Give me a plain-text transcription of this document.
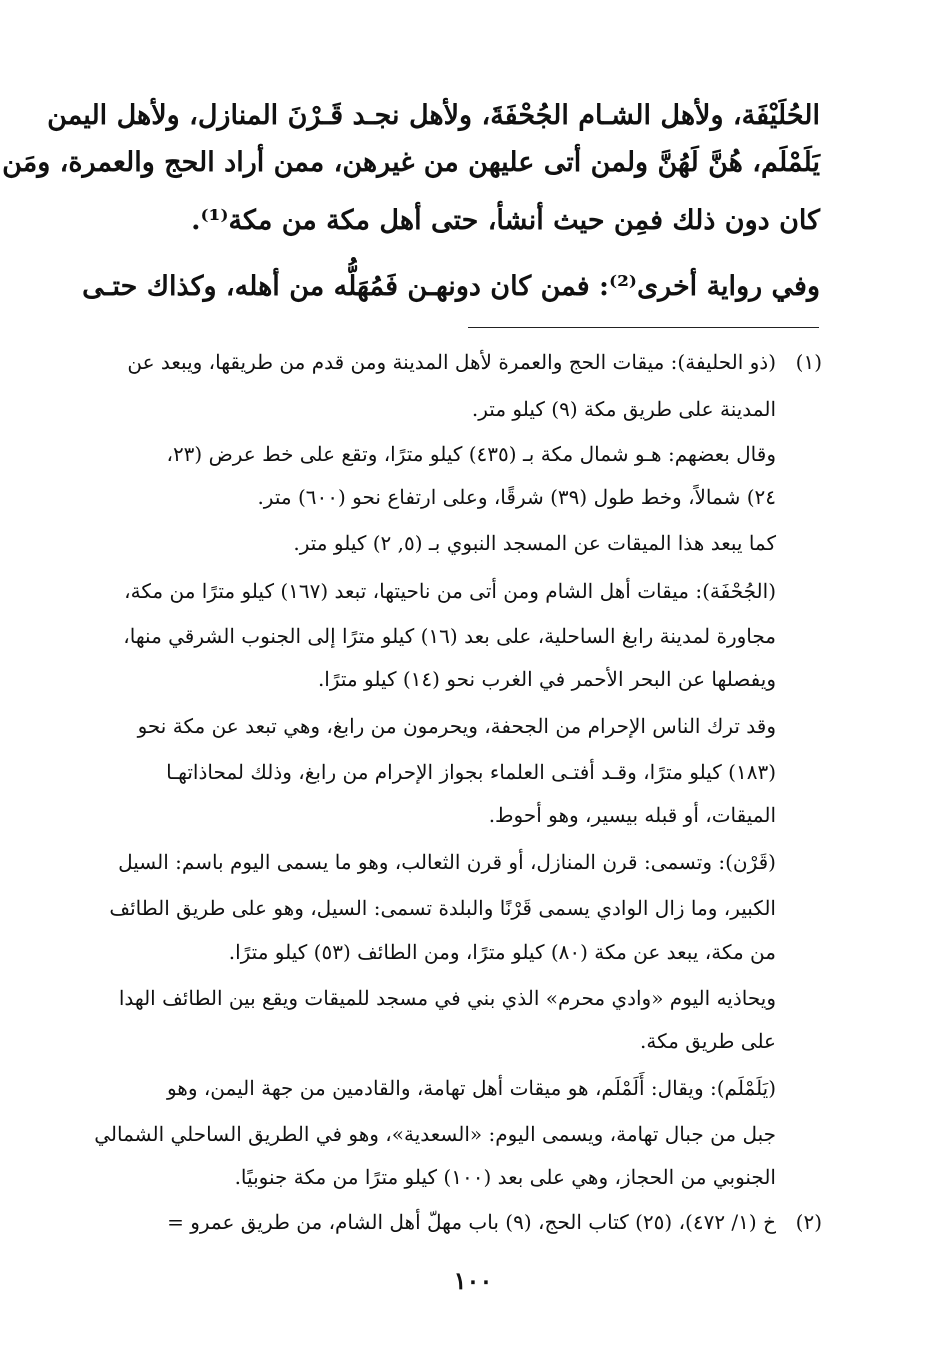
الحُلَيْفَة، ولأهل الشـام الجُحْفَةَ، ولأهل نجـد قَـرْنَ المنازل، ولأهل اليمن
يَلَمْلَم، هُنَّ لَهُنَّ ولمن أتى عليهن من غيرهن، ممن أراد الحج والعمرة، ومَن
كان دون ذلك فمِن حيث أنشأ، حتى أهل مكة من مكة⁽¹⁾.
وفي رواية أخرى⁽²⁾: فمن كان دونهـن فَمُهَلُّه من أهله، وكذاك حتـى
(١)
(ذو الحليفة): ميقات الحج والعمرة لأهل المدينة ومن قدم من طريقها، ويبعد عن
المدينة على طريق مكة (٩) كيلو متر.
وقال بعضهم: هـو شمال مكة بـ (٤٣٥) كيلو مترًا، وتقع على خط عرض (٢٣،
٢٤) شمالاً، وخط طول (٣٩) شرقًا، وعلى ارتفاع نحو (٦٠٠) متر.
كما يبعد هذا الميقات عن المسجد النبوي بـ (٥, ٢) كيلو متر.
(الجُحْفَة): ميقات أهل الشام ومن أتى من ناحيتها، تبعد (١٦٧) كيلو مترًا من مكة،
مجاورة لمدينة رابغ الساحلية، على بعد (١٦) كيلو مترًا إلى الجنوب الشرقي منها،
ويفصلها عن البحر الأحمر في الغرب نحو (١٤) كيلو مترًا.
وقد ترك الناس الإحرام من الجحفة، ويحرمون من رابغ، وهي تبعد عن مكة نحو
(١٨٣) كيلو مترًا، وقـد أفتـى العلماء بجواز الإحرام من رابغ، وذلك لمحاذاتهـا
الميقات، أو قبله بيسير، وهو أحوط.
(قَرْن): وتسمى: قرن المنازل، أو قرن الثعالب، وهو ما يسمى اليوم باسم: السيل
الكبير، وما زال الوادي يسمى قَرْنًا والبلدة تسمى: السيل، وهو على طريق الطائف
من مكة، يبعد عن مكة (٨٠) كيلو مترًا، ومن الطائف (٥٣) كيلو مترًا.
ويحاذيه اليوم «وادي محرم» الذي بني في مسجد للميقات ويقع بين الطائف الهدا
على طريق مكة.
(يَلَمْلَم): ويقال: أَلَمْلَم، هو ميقات أهل تهامة، والقادمين من جهة اليمن، وهو
جبل من جبال تهامة، ويسمى اليوم: «السعدية»، وهو في الطريق الساحلي الشمالي
الجنوبي من الحجاز، وهي على بعد (١٠٠) كيلو مترًا من مكة جنوبيًا.
(٢)
خ (١/ ٤٧٢)، (٢٥) كتاب الحج، (٩) باب مهلّ أهل الشام، من طريق عمرو =
١٠٠
